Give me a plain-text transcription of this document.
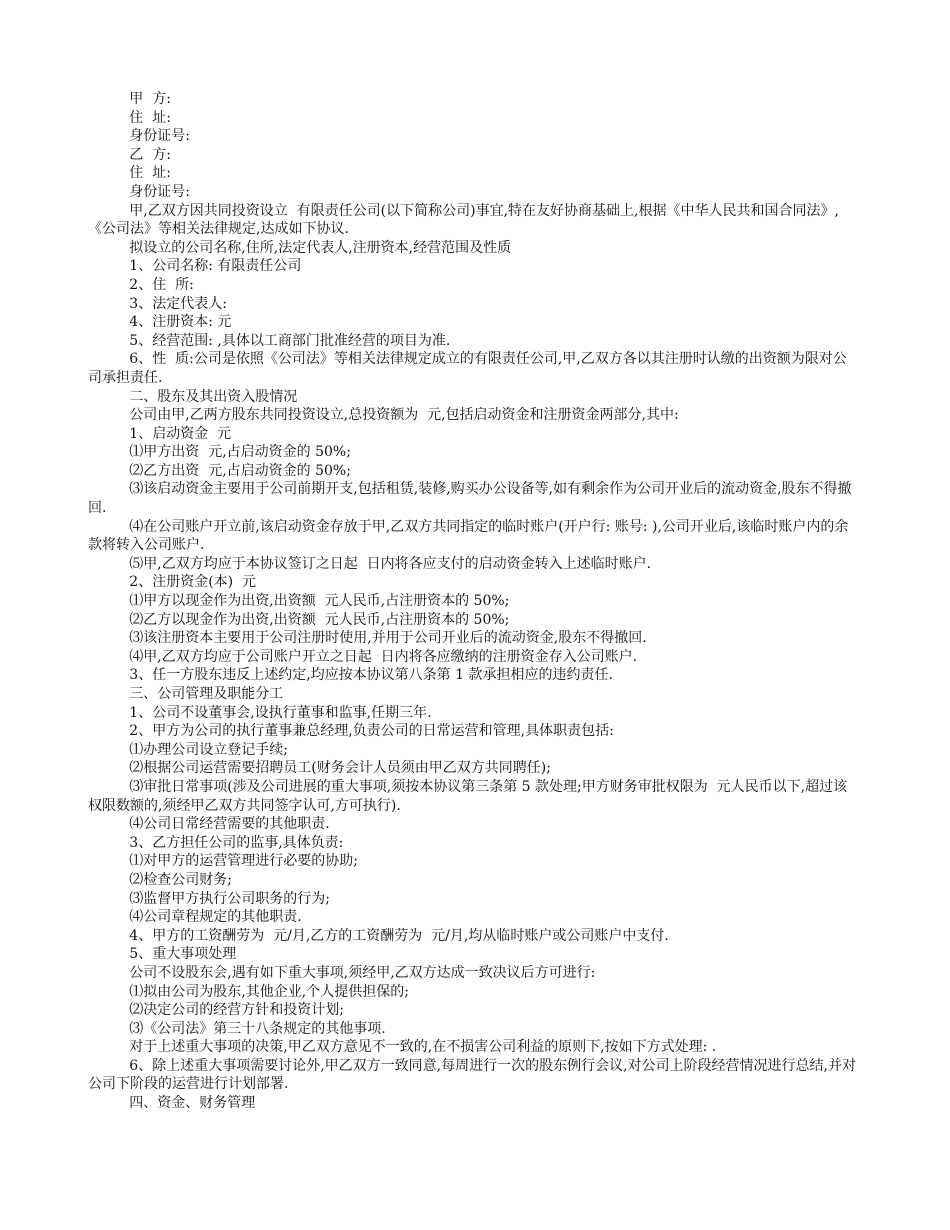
甲  方:

住  址:

身份证号:

乙  方:

住  址:

身份证号:

甲,乙双方因共同投资设立  有限责任公司(以下简称公司)事宜,特在友好协商基础上,根据《中华人民共和国合同法》,《公司法》等相关法律规定,达成如下协议.

拟设立的公司名称,住所,法定代表人,注册资本,经营范围及性质

1、公司名称: 有限责任公司

2、住  所:

3、法定代表人:

4、注册资本: 元

5、经营范围: ,具体以工商部门批准经营的项目为准.

6、性  质:公司是依照《公司法》等相关法律规定成立的有限责任公司,甲,乙双方各以其注册时认缴的出资额为限对公司承担责任.

二、股东及其出资入股情况

公司由甲,乙两方股东共同投资设立,总投资额为  元,包括启动资金和注册资金两部分,其中:

1、启动资金  元

⑴甲方出资  元,占启动资金的 50%;

⑵乙方出资  元,占启动资金的 50%;

⑶该启动资金主要用于公司前期开支,包括租赁,装修,购买办公设备等,如有剩余作为公司开业后的流动资金,股东不得撤回.

⑷在公司账户开立前,该启动资金存放于甲,乙双方共同指定的临时账户(开户行: 账号: ),公司开业后,该临时账户内的余款将转入公司账户.

⑸甲,乙双方均应于本协议签订之日起  日内将各应支付的启动资金转入上述临时账户.

2、注册资金(本)  元

⑴甲方以现金作为出资,出资额  元人民币,占注册资本的 50%;

⑵乙方以现金作为出资,出资额  元人民币,占注册资本的 50%;

⑶该注册资本主要用于公司注册时使用,并用于公司开业后的流动资金,股东不得撤回.

⑷甲,乙双方均应于公司账户开立之日起  日内将各应缴纳的注册资金存入公司账户.

3、任一方股东违反上述约定,均应按本协议第八条第 1 款承担相应的违约责任.

三、公司管理及职能分工

1、公司不设董事会,设执行董事和监事,任期三年.

2、甲方为公司的执行董事兼总经理,负责公司的日常运营和管理,具体职责包括:

⑴办理公司设立登记手续;

⑵根据公司运营需要招聘员工(财务会计人员须由甲乙双方共同聘任);

⑶审批日常事项(涉及公司进展的重大事项,须按本协议第三条第 5 款处理;甲方财务审批权限为  元人民币以下,超过该权限数额的,须经甲乙双方共同签字认可,方可执行).

⑷公司日常经营需要的其他职责.

3、乙方担任公司的监事,具体负责:

⑴对甲方的运营管理进行必要的协助;

⑵检查公司财务;

⑶监督甲方执行公司职务的行为;

⑷公司章程规定的其他职责.

4、甲方的工资酬劳为  元/月,乙方的工资酬劳为  元/月,均从临时账户或公司账户中支付.

5、重大事项处理

公司不设股东会,遇有如下重大事项,须经甲,乙双方达成一致决议后方可进行:

⑴拟由公司为股东,其他企业,个人提供担保的;

⑵决定公司的经营方针和投资计划;

⑶《公司法》第三十八条规定的其他事项.

对于上述重大事项的决策,甲乙双方意见不一致的,在不损害公司利益的原则下,按如下方式处理: .

6、除上述重大事项需要讨论外,甲乙双方一致同意,每周进行一次的股东例行会议,对公司上阶段经营情况进行总结,并对公司下阶段的运营进行计划部署.

四、资金、财务管理
